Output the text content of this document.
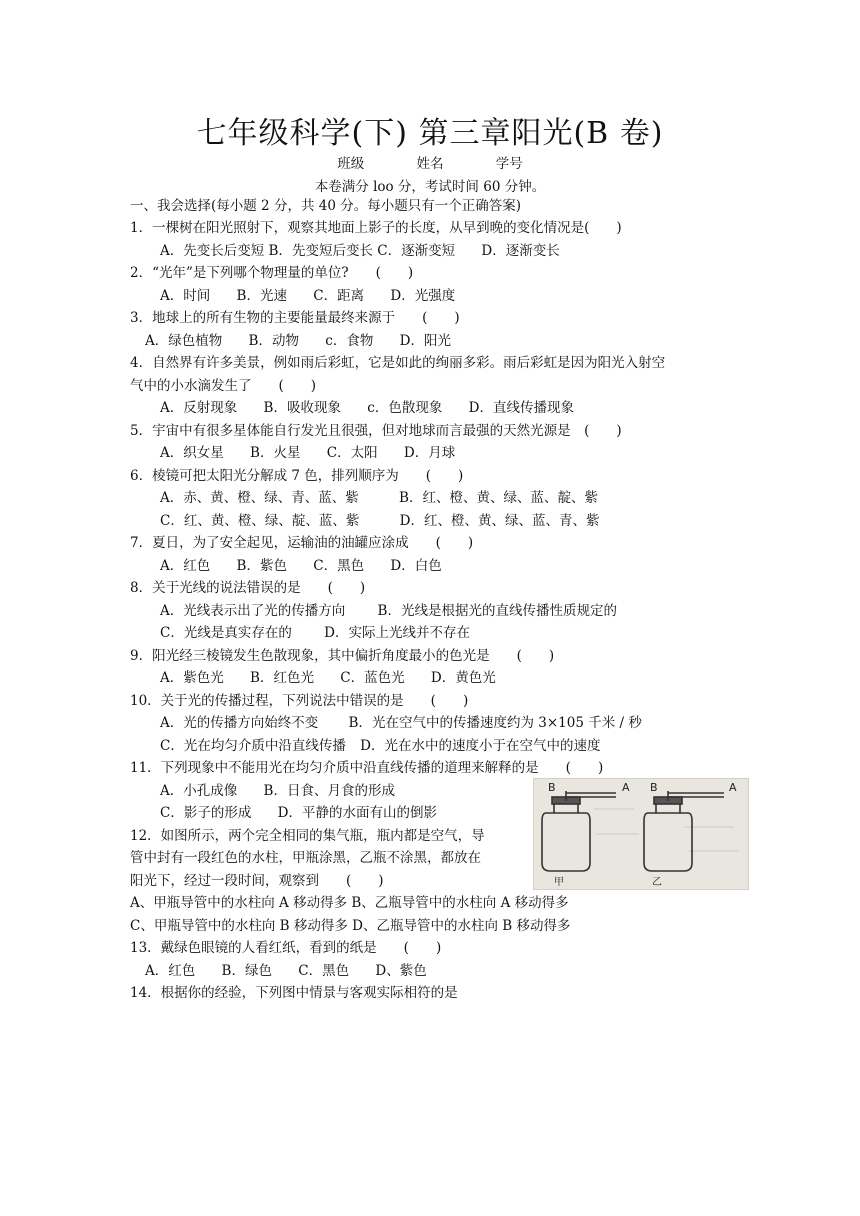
七年级科学(下) 第三章阳光(B 卷)
班级	姓名	学号
本卷满分 loo 分，考试时间 60 分钟。
一、我会选择(每小题 2 分，共 40 分。每小题只有一个正确答案)
1．一棵树在阳光照射下，观察其地面上影子的长度，从早到晚的变化情况是(　　)
A．先变长后变短 B．先变短后变长 C．逐渐变短 D．逐渐变长
2．“光年”是下列哪个物理量的单位?　　(　　)
A．时间 B．光速 C．距离 D．光强度
3．地球上的所有生物的主要能量最终来源于　　(　　)
A．绿色植物 B．动物 c．食物 D．阳光
4．自然界有许多美景，例如雨后彩虹，它是如此的绚丽多彩。雨后彩虹是因为阳光入射空
气中的小水滴发生了　　(　　)
A．反射现象 B．吸收现象 c．色散现象 D．直线传播现象
5．宇宙中有很多星体能自行发光且很强，但对地球而言最强的天然光源是　(　　)
A．织女星 B．火星 C．太阳 D．月球
6．棱镜可把太阳光分解成 7 色，排列顺序为　　(　　)
A．赤、黄、橙、绿、青、蓝、紫	B．红、橙、黄、绿、蓝、靛、紫
C．红、黄、橙、绿、靛、蓝、紫	D．红、橙、黄、绿、蓝、青、紫
7．夏日，为了安全起见，运输油的油罐应涂成　　(　　)
A．红色 B．紫色 C．黑色 D．白色
8．关于光线的说法错误的是　　(　　)
A．光线表示出了光的传播方向 B．光线是根据光的直线传播性质规定的
C．光线是真实存在的 D．实际上光线并不存在
9．阳光经三棱镜发生色散现象，其中偏折角度最小的色光是　　(　　)
A．紫色光 B．红色光 C．蓝色光 D．黄色光
10．关于光的传播过程，下列说法中错误的是　　(　　)
A．光的传播方向始终不变 B．光在空气中的传播速度约为 3×105 千米 / 秒
C．光在均匀介质中沿直线传播 D．光在水中的速度小于在空气中的速度
11．下列现象中不能用光在均匀介质中沿直线传播的道理来解释的是　　(　　)
A．小孔成像 B．日食、月食的形成
C．影子的形成 D．平静的水面有山的倒影
B	A B	A
甲	乙
12．如图所示，两个完全相同的集气瓶，瓶内都是空气，导
管中封有一段红色的水柱，甲瓶涂黑，乙瓶不涂黑，都放在
阳光下，经过一段时间，观察到　　(　　)
A、甲瓶导管中的水柱向 A 移动得多 B、乙瓶导管中的水柱向 A 移动得多
C、甲瓶导管中的水柱向 B 移动得多 D、乙瓶导管中的水柱向 B 移动得多
13．戴绿色眼镜的人看红纸，看到的纸是　　(　　)
A．红色 B．绿色 C．黑色 D、紫色
14．根据你的经验，下列图中情景与客观实际相符的是
